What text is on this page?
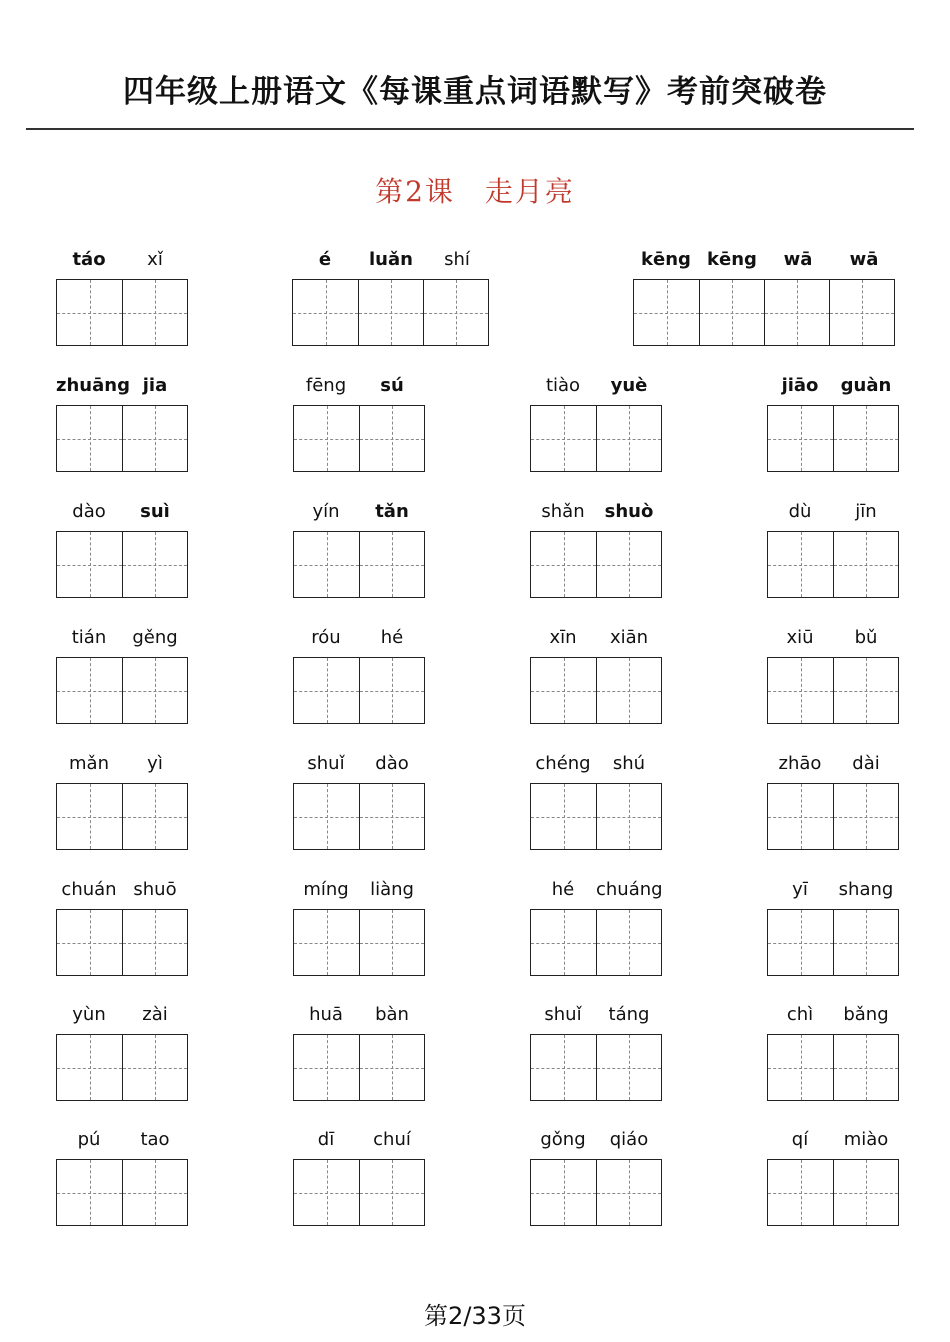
四年级上册语文《每课重点词语默写》考前突破卷
第2课　走月亮
táo	xǐ	é	luǎn	shí	kēng kēng	wā	wā
zhuāng jia	fēng	sú	tiào	yuè	jiāo	guàn
dào	suì	yín	tǎn	shǎn	shuò	dù	jīn
tián	gěng	róu	hé	xīn	xiān	xiū	bǔ
mǎn	yì	shuǐ	dào	chéng	shú	zhāo	dài
chuán shuō	míng	liàng	hé	chuáng	yī	shang
yùn	zài	huā	bàn	shuǐ	táng	chì	bǎng
pú	tao	dī	chuí	gǒng	qiáo	qí	miào
第2/33页
